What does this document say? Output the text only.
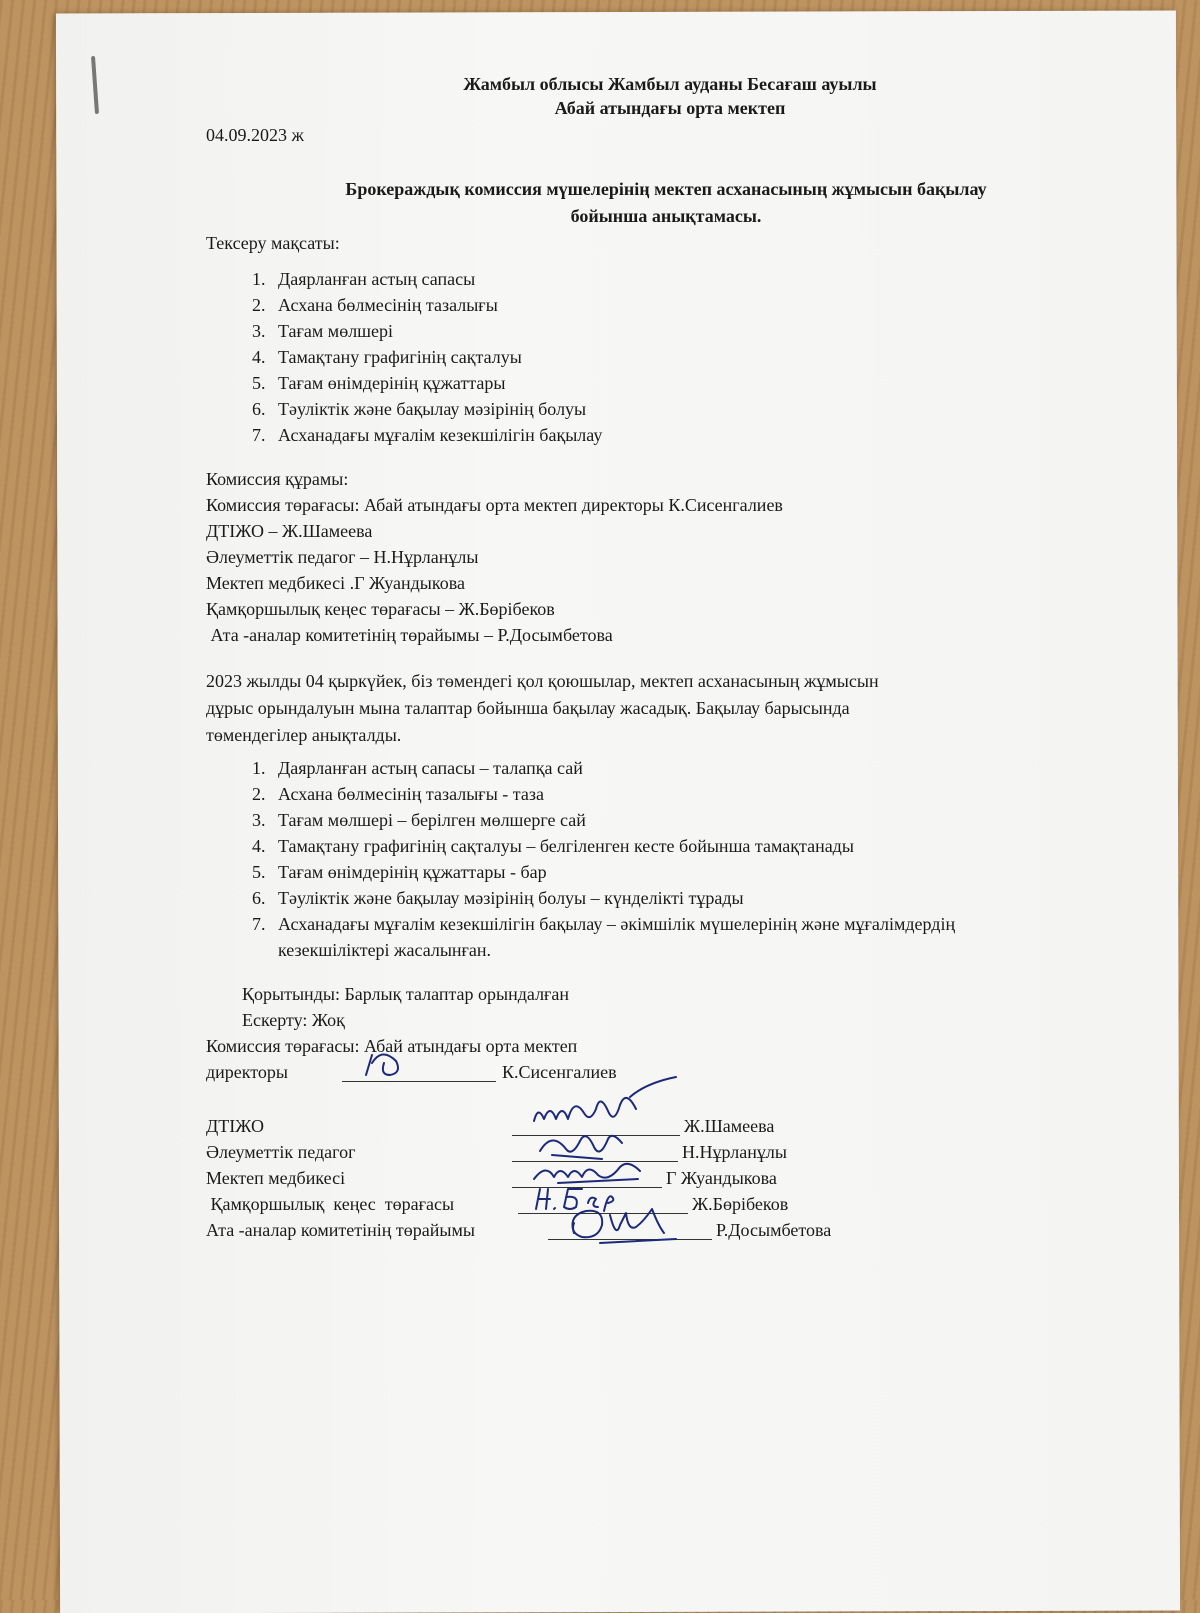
Жамбыл облысы Жамбыл ауданы Бесағаш ауылы
Абай атындағы орта мектеп
04.09.2023 ж
Брокераждық комиссия мүшелерінің мектеп асханасының жұмысын бақылау
бойынша анықтамасы.
Тексеру мақсаты:
1. Даярланған астың сапасы
2. Асхана бөлмесінің тазалығы
3. Тағам мөлшері
4. Тамақтану графигінің сақталуы
5. Тағам өнімдерінің құжаттары
6. Тәуліктік және бақылау мәзірінің болуы
7. Асханадағы мұғалім кезекшілігін бақылау
Комиссия құрамы:
Комиссия төрағасы: Абай атындағы орта мектеп директоры К.Сисенгалиев
ДТІЖО – Ж.Шамеева
Әлеуметтік педагог – Н.Нұрланұлы
Мектеп медбикесі .Г Жуандыкова
Қамқоршылық кеңес төрағасы – Ж.Бөрібеков
Ата -аналар комитетінің төрайымы – Р.Досымбетова
2023 жылды 04 қыркүйек, біз төмендегі қол қоюшылар, мектеп асханасының жұмысын
дұрыс орындалуын мына талаптар бойынша бақылау жасадық. Бақылау барысында
төмендегілер анықталды.
1. Даярланған астың сапасы – талапқа сай
2. Асхана бөлмесінің тазалығы - таза
3. Тағам мөлшері – берілген мөлшерге сай
4. Тамақтану графигінің сақталуы – белгіленген кесте бойынша тамақтанады
5. Тағам өнімдерінің құжаттары - бар
6. Тәуліктік және бақылау мәзірінің болуы – күнделікті тұрады
7. Асханадағы мұғалім кезекшілігін бақылау – әкімшілік мүшелерінің және мұғалімдердің кезекшіліктері жасалынған.
Қорытынды: Барлық талаптар орындалған
Ескерту: Жоқ
Комиссия төрағасы: Абай атындағы орта мектеп
директоры	К.Сисенгалиев
ДТІЖО	Ж.Шамеева
Әлеуметтік педагог	Н.Нұрланұлы
Мектеп медбикесі	Г Жуандыкова
Қамқоршылық  кеңес  төрағасы	Ж.Бөрібеков
Ата -аналар комитетінің төрайымы	Р.Досымбетова
